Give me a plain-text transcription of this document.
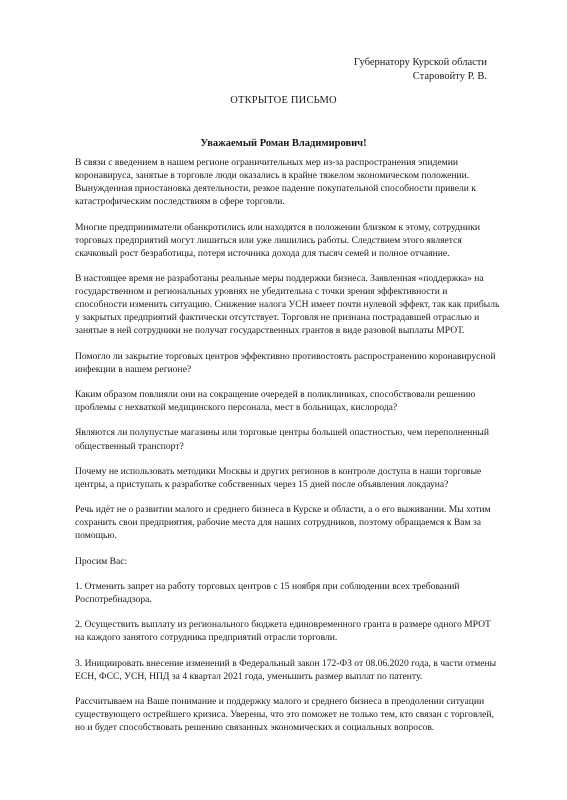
Губернатору Курской области
Старовойту Р. В.
ОТКРЫТОЕ ПИСЬМО
Уважаемый Роман Владимирович!

В связи с введением в нашем регионе ограничительных мер из-за распространения эпидемии коронавируса, занятые в торговле люди оказались в крайне тяжелом экономическом положении. Вынужденная приостановка деятельности, резкое падение покупательной способности привели к катастрофическим последствиям в сфере торговли.

Многие предприниматели обанкротились или находятся в положении близком к этому, сотрудники торговых предприятий могут лишиться или уже лишились работы. Следствием этого является скачковый рост безработицы, потеря источника дохода для тысяч семей и полное отчаяние.

В настоящее время не разработаны реальные меры поддержки бизнеса. Заявленная «поддержка» на государственном и региональных уровнях не убедительна с точки зрения эффективности и способности изменить ситуацию. Снижение налога УСН имеет почти нулевой эффект, так как прибыль у закрытых предприятий фактически отсутствует. Торговля не признана пострадавшей отраслью и занятые в ней сотрудники не получат государственных грантов в виде разовой выплаты МРОТ.

Помогло ли закрытие торговых центров эффективно противостоять распространению коронавирусной инфекции в нашем регионе?

Каким образом повлияли они на сокращение очередей в поликлиниках, способствовали решению проблемы с нехваткой медицинского персонала, мест в больницах, кислорода?

Являются ли полупустые магазины или торговые центры большей опастностью, чем переполненный общественный транспорт?

Почему не использовать методики Москвы и других регионов в контроле доступа в наши торговые центры, а приступать к разработке собственных через 15 дней после объявления локдауна?

Речь идёт не о развитии малого и среднего бизнеса в Курске и области, а о его выживании. Мы хотим сохранить свои предприятия, рабочие места для наших сотрудников, поэтому обращаемся к Вам за помощью.

Просим Вас:

1. Отменить запрет на работу торговых центров с 15 ноября при соблюдении всех требований Роспотребнадзора.

2. Осуществить выплату из регионального бюджета единовременного гранта в размере одного МРОТ на каждого занятого сотрудника предприятий отрасли торговли.

3. Инициировать внесение изменений в Федеральный закон 172-ФЗ от 08.06.2020 года, в части отмены ЕСН, ФСС, УСН, НПД за 4 квартал 2021 года, уменьшить размер выплат по патенту.

Рассчитываем на Ваше понимание и поддержку малого и среднего бизнеса в преодолении ситуации существующего острейшего кризиса. Уверены, что это поможет не только тем, кто связан с торговлей, но и будет способствовать решению связанных экономических и социальных вопросов.
